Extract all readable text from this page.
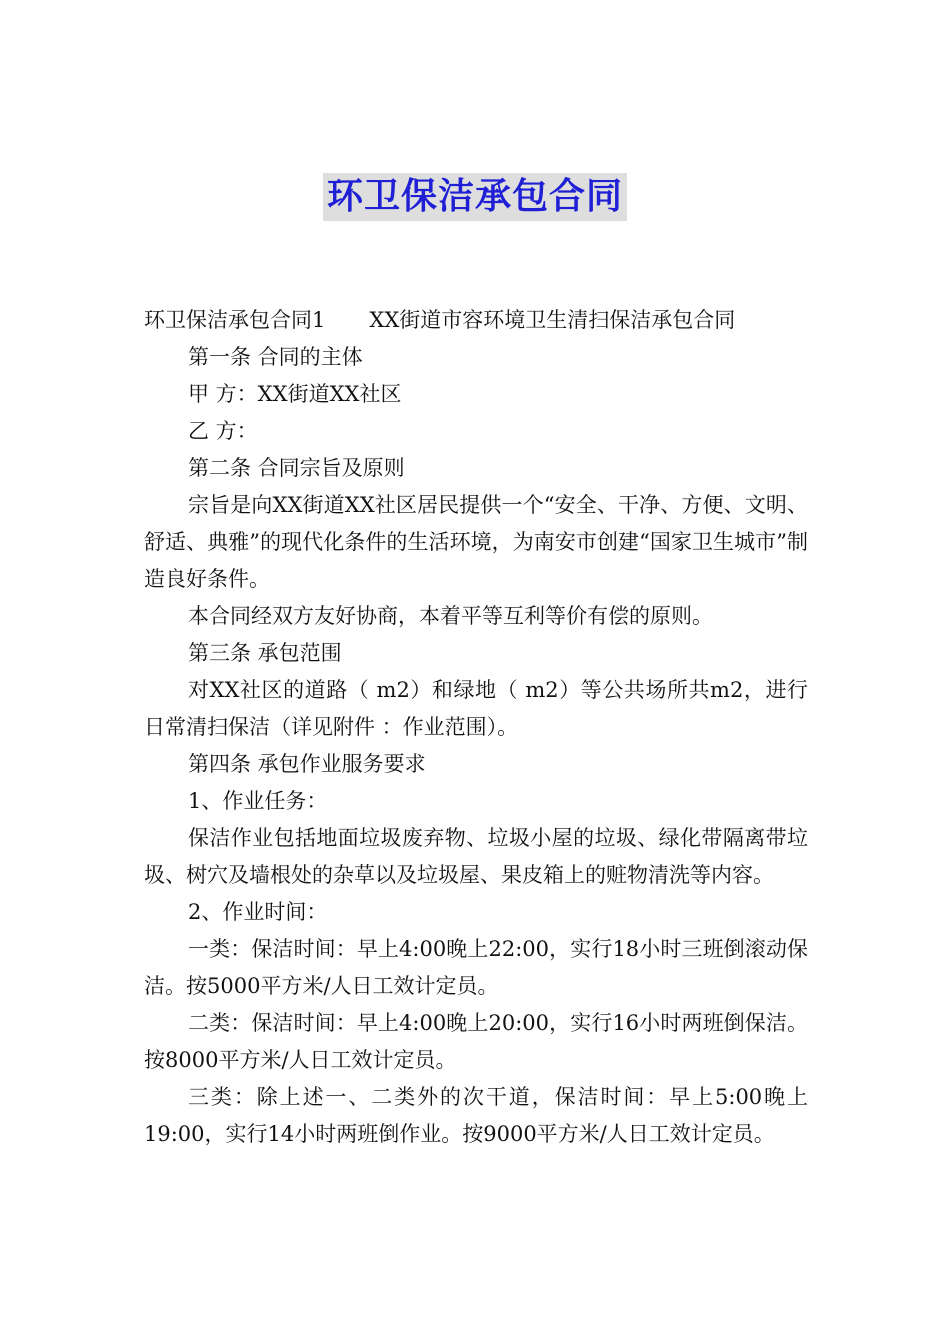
环卫保洁承包合同

环卫保洁承包合同1 XX街道市容环境卫生清扫保洁承包合同

第一条 合同的主体

甲 方：XX街道XX社区

乙 方：

第二条 合同宗旨及原则

宗旨是向XX街道XX社区居民提供一个“安全、干净、方便、文明、舒适、典雅”的现代化条件的生活环境，为南安市创建“国家卫生城市”制造良好条件。

本合同经双方友好协商，本着平等互利等价有偿的原则。

第三条 承包范围

对XX社区的道路（ m2）和绿地（ m2）等公共场所共m2，进行日常清扫保洁（详见附件 ：作业范围）。

第四条 承包作业服务要求

1、作业任务：

保洁作业包括地面垃圾废弃物、垃圾小屋的垃圾、绿化带隔离带垃圾、树穴及墙根处的杂草以及垃圾屋、果皮箱上的赃物清洗等内容。

2、作业时间：

一类：保洁时间：早上4:00晚上22:00，实行18小时三班倒滚动保洁。按5000平方米/人日工效计定员。

二类：保洁时间：早上4:00晚上20:00，实行16小时两班倒保洁。按8000平方米/人日工效计定员。

三类：除上述一、二类外的次干道，保洁时间：早上5:00晚上19:00，实行14小时两班倒作业。按9000平方米/人日工效计定员。
